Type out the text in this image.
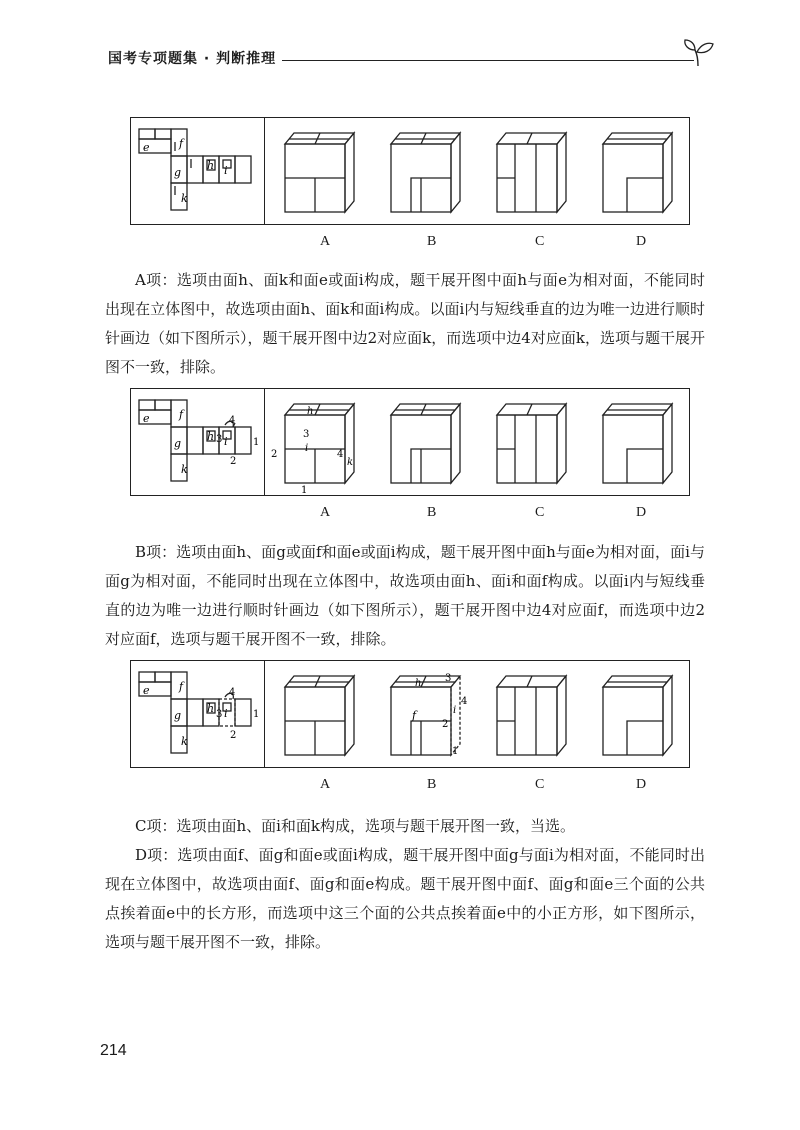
国考专项题集 · 判断推理
e	f
g
h i
k
A	B	C	D
A项：选项由面h、面k和面e或面i构成，题干展开图中面h与面e为相对面，不能同时出现在立体图中，故选项由面h、面k和面i构成。以面i内与短线垂直的边为唯一边进行顺时针画边（如下图所示），题干展开图中边2对应面k，而选项中边4对应面k，选项与题干展开图不一致，排除。
e	f
g
h i
k
4
3	1
2
h
3
i
4
k
2
1
A	B	C	D
B项：选项由面h、面g或面f和面e或面i构成，题干展开图中面h与面e为相对面，面i与面g为相对面，不能同时出现在立体图中，故选项由面h、面i和面f构成。以面i内与短线垂直的边为唯一边进行顺时针画边（如下图所示），题干展开图中边4对应面f，而选项中边2对应面f，选项与题干展开图不一致，排除。
e	f
g
h i
k
4
3	1
2
h
f	i
2
4
3
1
A	B	C	D
C项：选项由面h、面i和面k构成，选项与题干展开图一致，当选。
D项：选项由面f、面g和面e或面i构成，题干展开图中面g与面i为相对面，不能同时出现在立体图中，故选项由面f、面g和面e构成。题干展开图中面f、面g和面e三个面的公共点挨着面e中的长方形，而选项中这三个面的公共点挨着面e中的小正方形，如下图所示，选项与题干展开图不一致，排除。
214
